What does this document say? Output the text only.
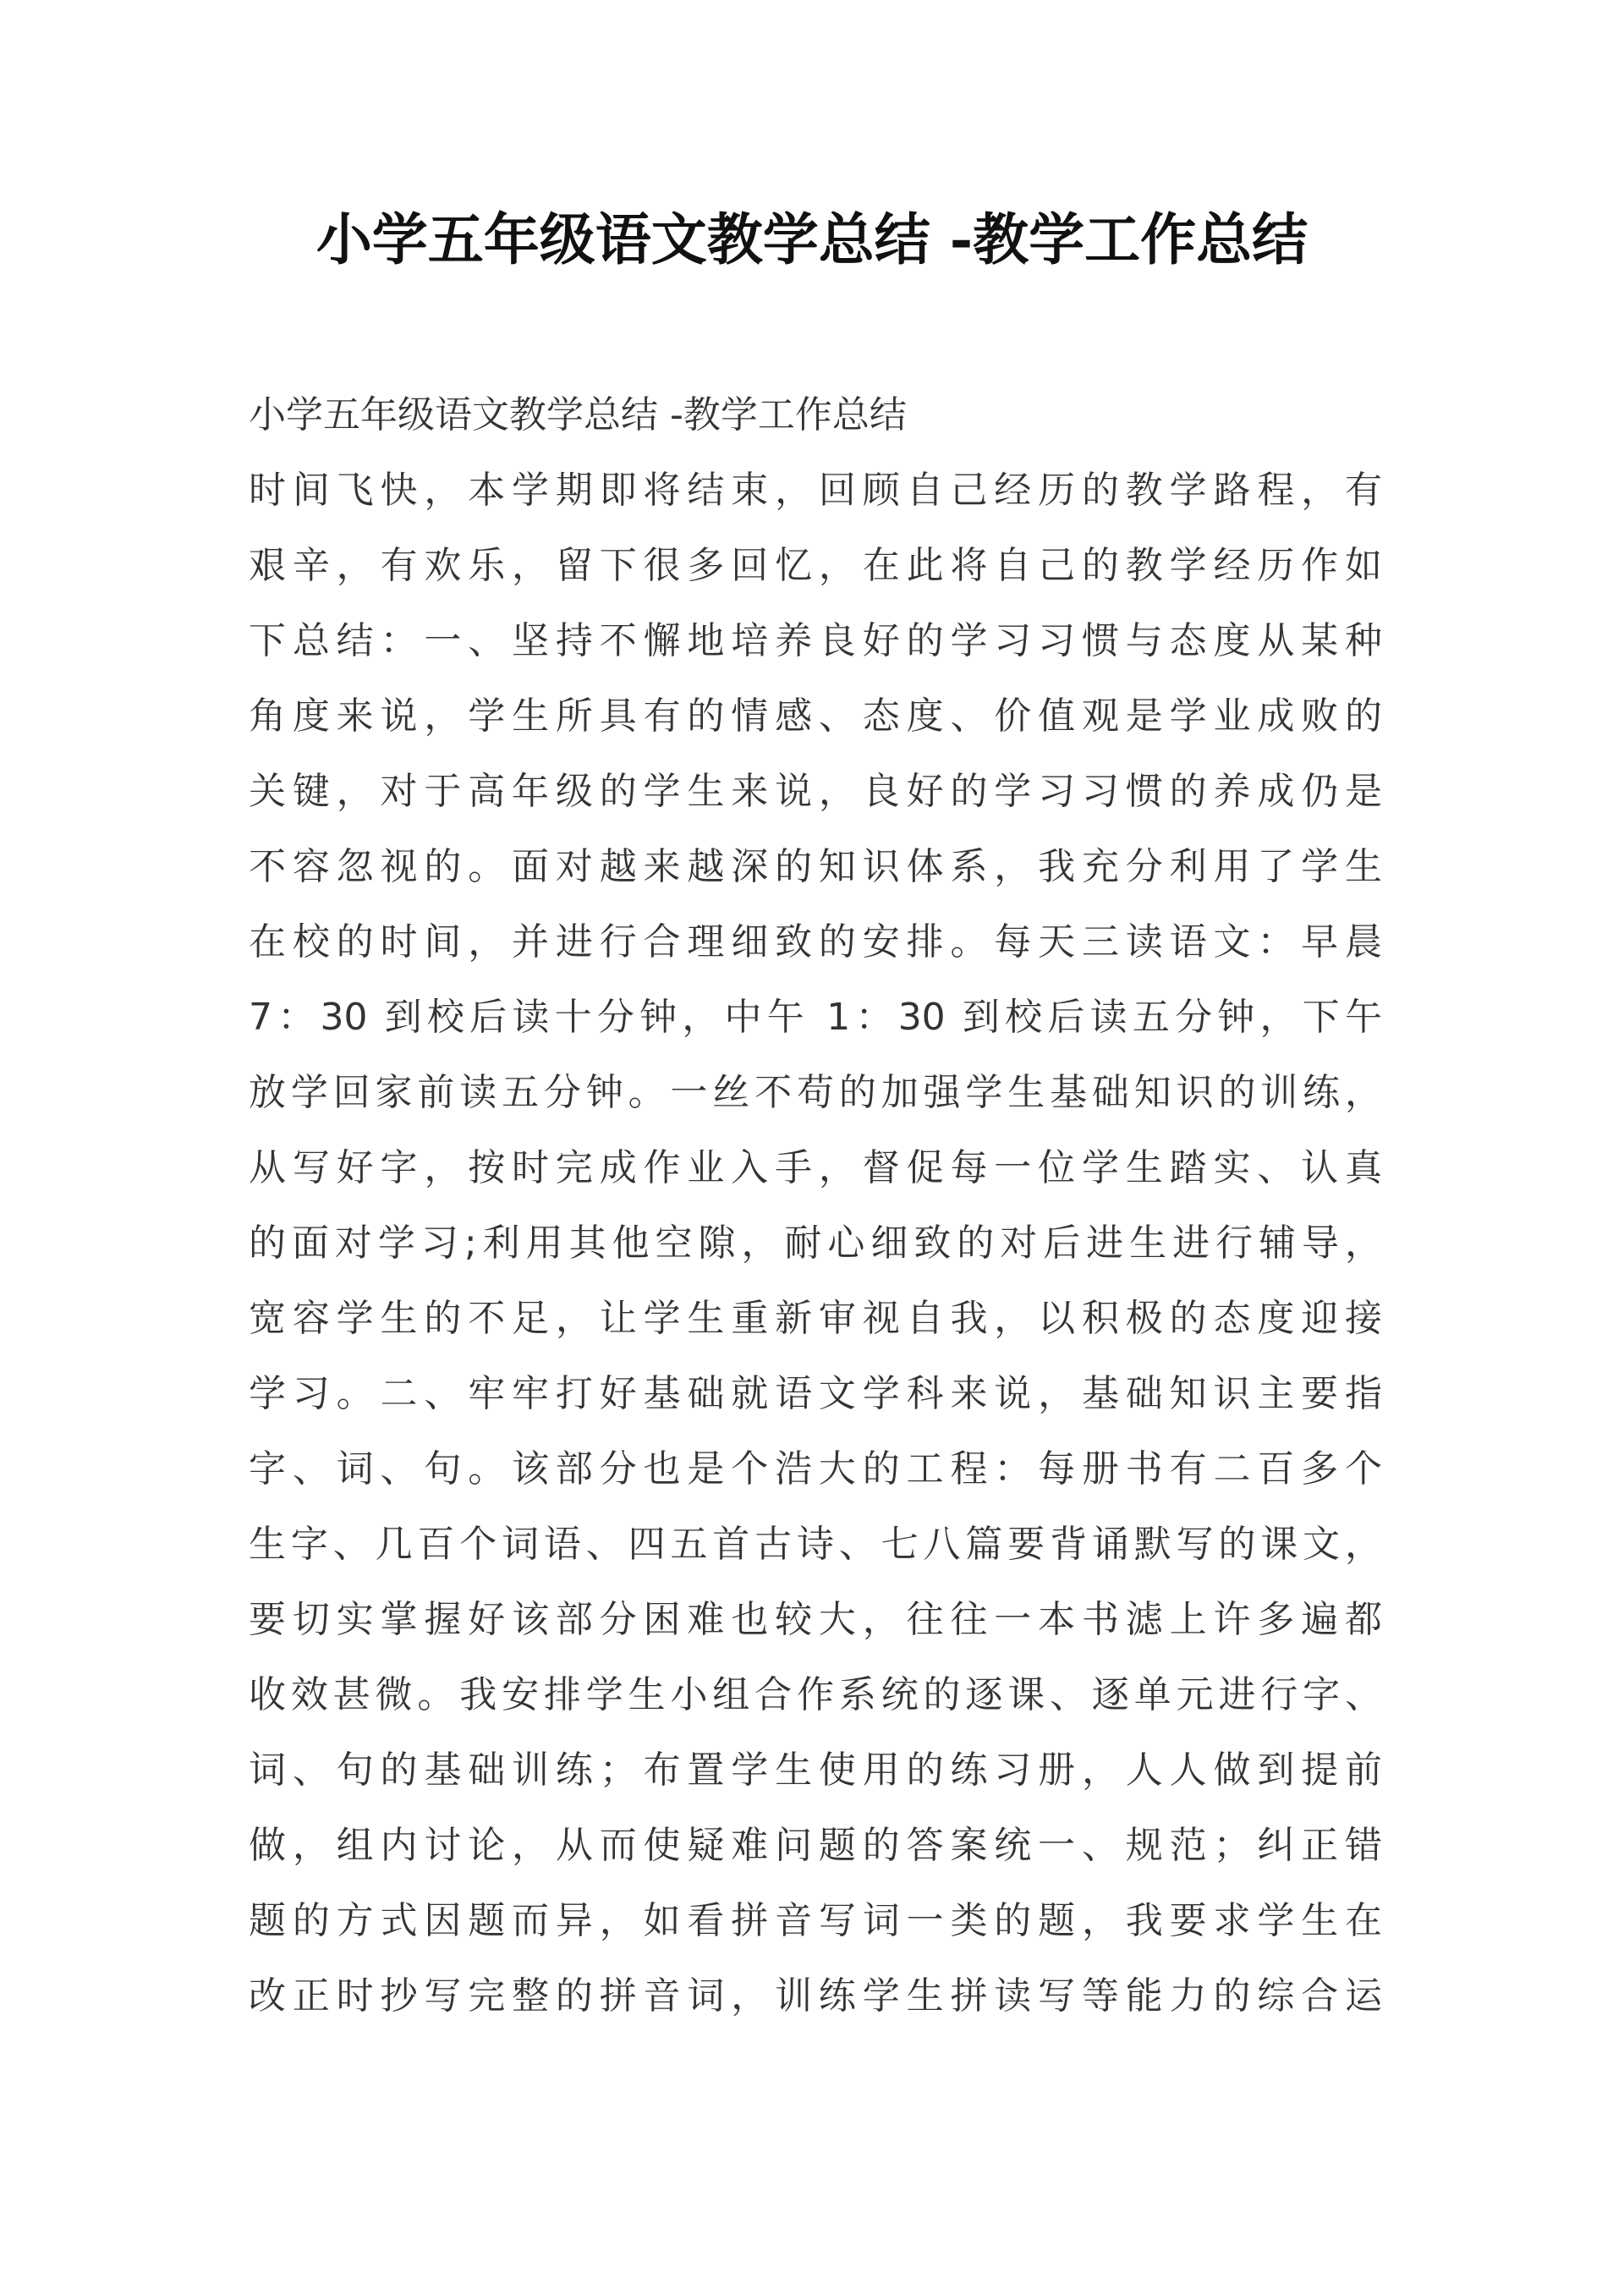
小学五年级语文教学总结 -教学工作总结
小学五年级语文教学总结 -教学工作总结
时间飞快，本学期即将结束，回顾自己经历的教学路程，有
艰辛，有欢乐，留下很多回忆，在此将自己的教学经历作如
下总结：一、坚持不懈地培养良好的学习习惯与态度从某种
角度来说，学生所具有的情感、态度、价值观是学业成败的
关键，对于高年级的学生来说，良好的学习习惯的养成仍是
不容忽视的。面对越来越深的知识体系，我充分利用了学生
在校的时间，并进行合理细致的安排。每天三读语文：早晨
7：30 到校后读十分钟，中午 1：30 到校后读五分钟，下午
放学回家前读五分钟。一丝不苟的加强学生基础知识的训练，
从写好字，按时完成作业入手，督促每一位学生踏实、认真
的面对学习;利用其他空隙，耐心细致的对后进生进行辅导，
宽容学生的不足，让学生重新审视自我，以积极的态度迎接
学习。二、牢牢打好基础就语文学科来说，基础知识主要指
字、词、句。该部分也是个浩大的工程：每册书有二百多个
生字、几百个词语、四五首古诗、七八篇要背诵默写的课文，
要切实掌握好该部分困难也较大，往往一本书滤上许多遍都
收效甚微。我安排学生小组合作系统的逐课、逐单元进行字、
词、句的基础训练；布置学生使用的练习册，人人做到提前
做，组内讨论，从而使疑难问题的答案统一、规范；纠正错
题的方式因题而异，如看拼音写词一类的题，我要求学生在
改正时抄写完整的拼音词，训练学生拼读写等能力的综合运
